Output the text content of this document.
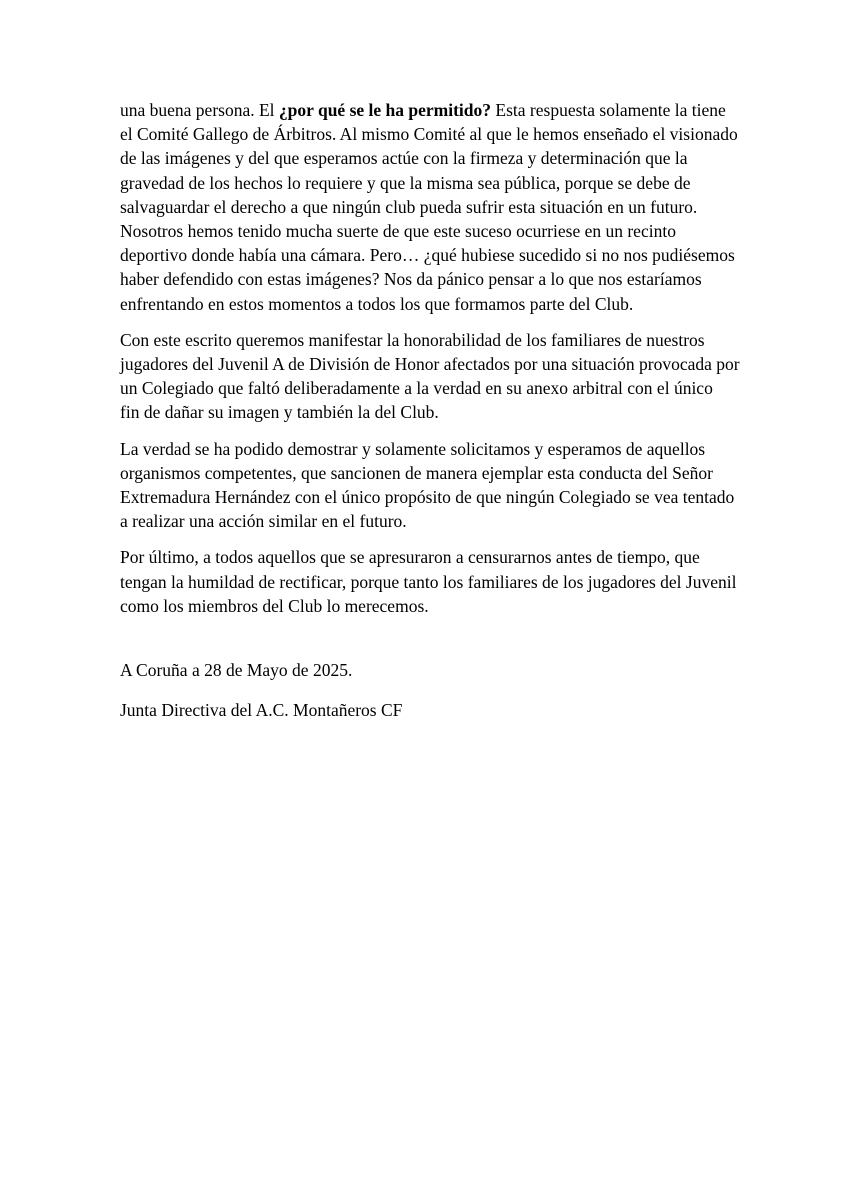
una buena persona. El ¿por qué se le ha permitido? Esta respuesta solamente la tiene
el Comité Gallego de Árbitros. Al mismo Comité al que le hemos enseñado el visionado
de las imágenes y del que esperamos actúe con la firmeza y determinación que la
gravedad de los hechos lo requiere y que la misma sea pública, porque se debe de
salvaguardar el derecho a que ningún club pueda sufrir esta situación en un futuro.
Nosotros hemos tenido mucha suerte de que este suceso ocurriese en un recinto
deportivo donde había una cámara. Pero… ¿qué hubiese sucedido si no nos pudiésemos
haber defendido con estas imágenes? Nos da pánico pensar a lo que nos estaríamos
enfrentando en estos momentos a todos los que formamos parte del Club.
Con este escrito queremos manifestar la honorabilidad de los familiares de nuestros
jugadores del Juvenil A de División de Honor afectados por una situación provocada por
un Colegiado que faltó deliberadamente a la verdad en su anexo arbitral con el único
fin de dañar su imagen y también la del Club.
La verdad se ha podido demostrar y solamente solicitamos y esperamos de aquellos
organismos competentes, que sancionen de manera ejemplar esta conducta del Señor
Extremadura Hernández con el único propósito de que ningún Colegiado se vea tentado
a realizar una acción similar en el futuro.
Por último, a todos aquellos que se apresuraron a censurarnos antes de tiempo, que
tengan la humildad de rectificar, porque tanto los familiares de los jugadores del Juvenil
como los miembros del Club lo merecemos.
A Coruña a 28 de Mayo de 2025.
Junta Directiva del A.C. Montañeros CF
